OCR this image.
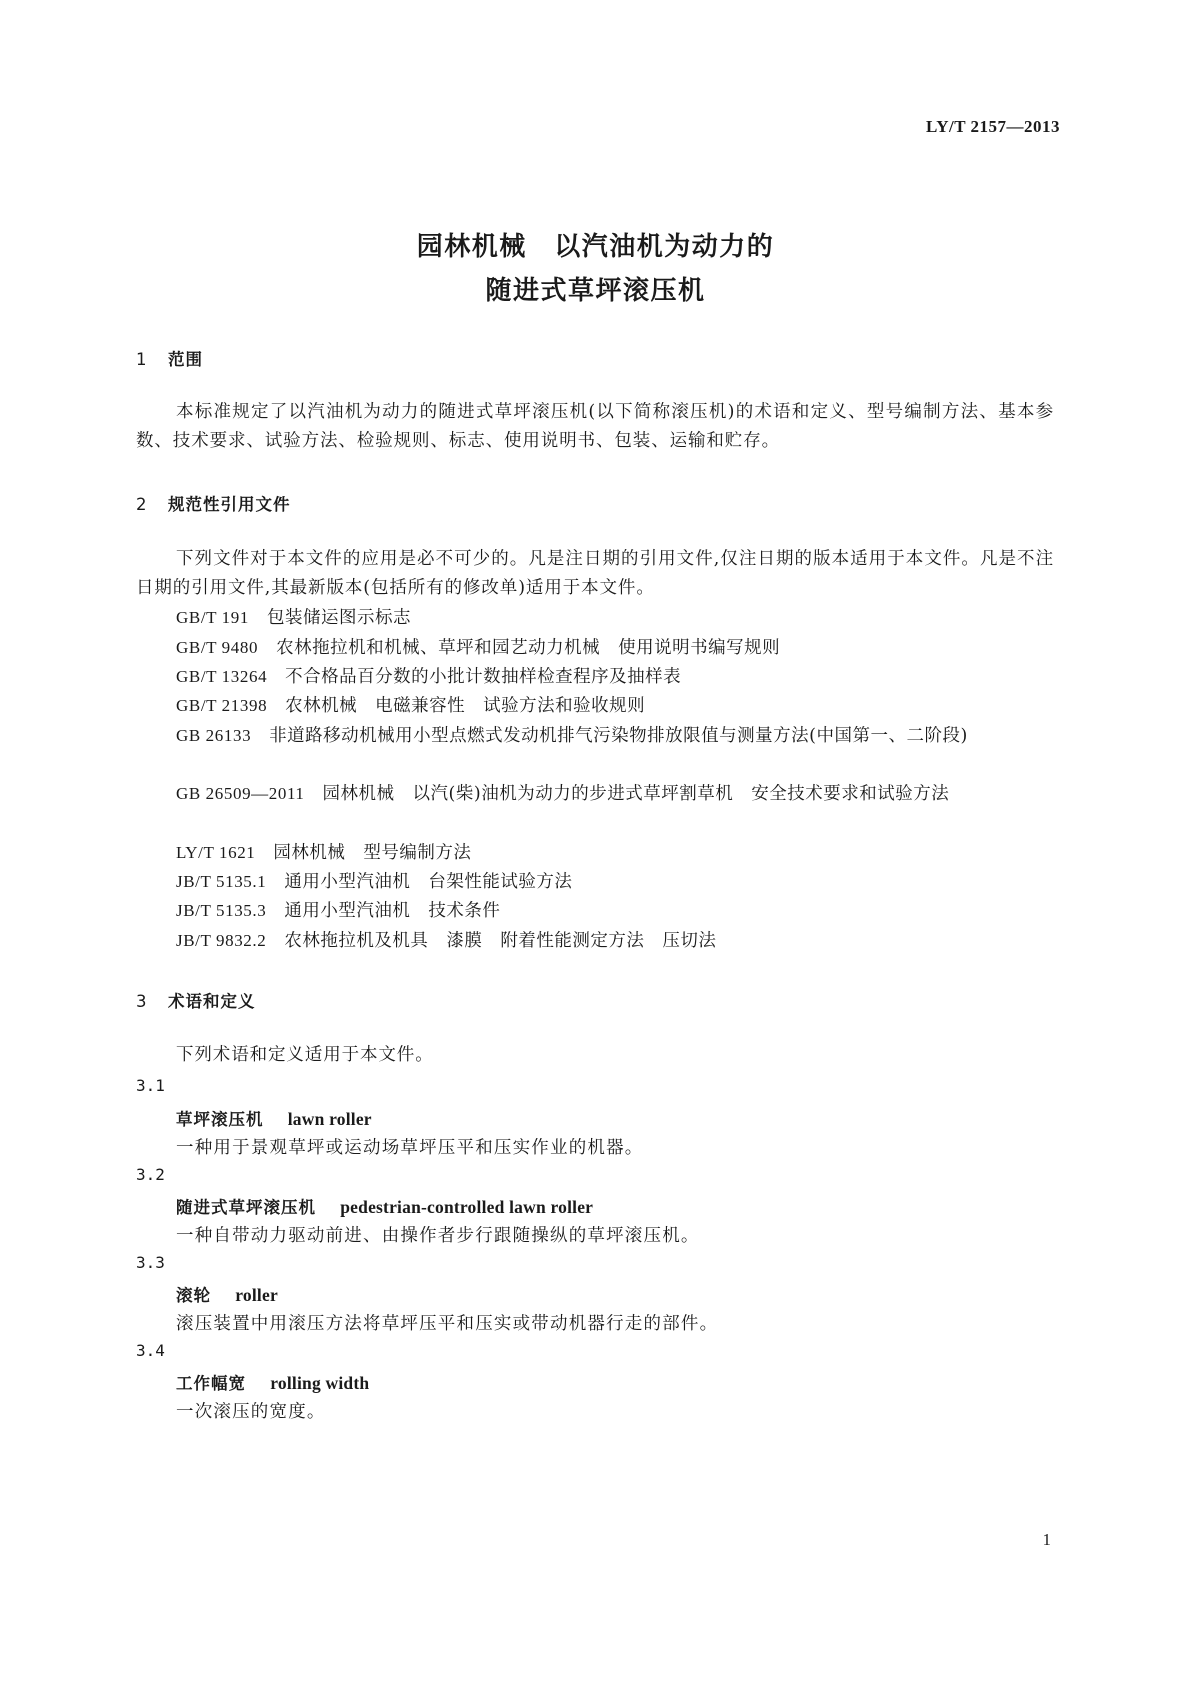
LY/T 2157—2013
园林机械　以汽油机为动力的
随进式草坪滚压机
1 范围

本标准规定了以汽油机为动力的随进式草坪滚压机(以下简称滚压机)的术语和定义、型号编制方法、基本参数、技术要求、试验方法、检验规则、标志、使用说明书、包装、运输和贮存。

2 规范性引用文件

下列文件对于本文件的应用是必不可少的。凡是注日期的引用文件,仅注日期的版本适用于本文件。凡是不注日期的引用文件,其最新版本(包括所有的修改单)适用于本文件。

GB/T 191　 包装储运图示标志

GB/T 9480　 农林拖拉机和机械、草坪和园艺动力机械　使用说明书编写规则

GB/T 13264　 不合格品百分数的小批计数抽样检查程序及抽样表

GB/T 21398　 农林机械　电磁兼容性　试验方法和验收规则

GB 26133　 非道路移动机械用小型点燃式发动机排气污染物排放限值与测量方法(中国第一、二阶段)

GB 26509—2011　 园林机械　以汽(柴)油机为动力的步进式草坪割草机　安全技术要求和试验方法

LY/T 1621　 园林机械　型号编制方法

JB/T 5135.1　 通用小型汽油机　台架性能试验方法

JB/T 5135.3　 通用小型汽油机　技术条件

JB/T 9832.2　 农林拖拉机及机具　漆膜　附着性能测定方法　压切法

3 术语和定义

下列术语和定义适用于本文件。

3.1
草坪滚压机　 lawn roller
一种用于景观草坪或运动场草坪压平和压实作业的机器。
3.2
随进式草坪滚压机　 pedestrian-controlled lawn roller
一种自带动力驱动前进、由操作者步行跟随操纵的草坪滚压机。
3.3
滚轮　 roller
滚压装置中用滚压方法将草坪压平和压实或带动机器行走的部件。
3.4
工作幅宽　 rolling width
一次滚压的宽度。
1
